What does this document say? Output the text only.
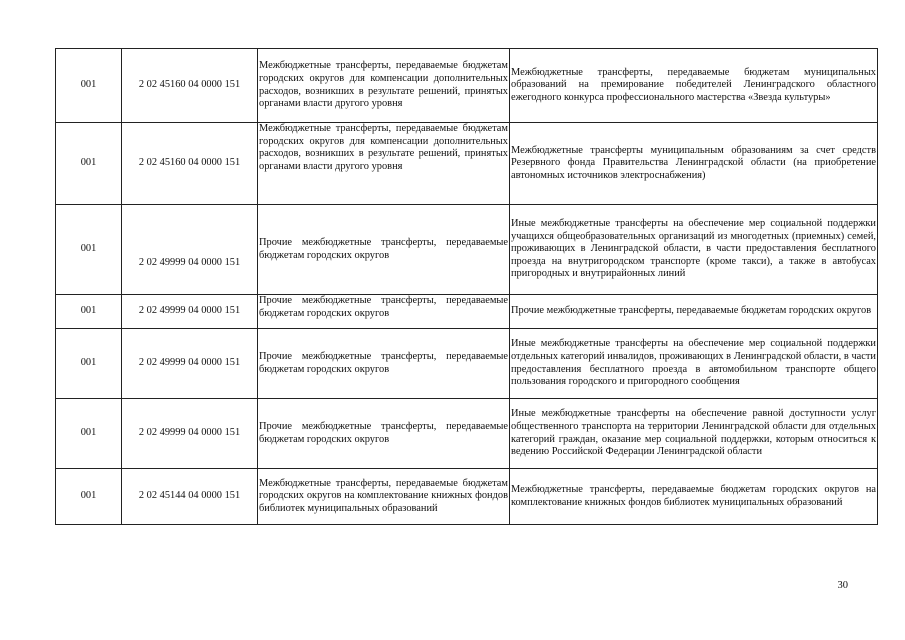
001	2 02 45160 04 0000 151	Межбюджетные трансферты, передаваемые бюджетам городских округов для компенсации дополнительных расходов, возникших в результате решений, принятых органами власти другого уровня	Межбюджетные трансферты, передаваемые бюджетам муниципальных образований на премирование победителей Ленинградского областного ежегодного конкурса профессионального мастерства «Звезда культуры»
001	2 02 45160 04 0000 151	Межбюджетные трансферты, передаваемые бюджетам городских округов для компенсации дополнительных расходов, возникших в результате решений, принятых органами власти другого уровня	Межбюджетные трансферты муниципальным образованиям за счет средств Резервного фонда Правительства Ленинградской области (на приобретение автономных источников электроснабжения)
001	2 02 49999 04 0000 151	Прочие межбюджетные трансферты, передаваемые бюджетам городских округов	Иные межбюджетные трансферты на обеспечение мер социальной поддержки учащихся общеобразовательных организаций из многодетных (приемных) семей, проживающих в Ленинградской области, в части предоставления бесплатного проезда на внутригородском транспорте (кроме такси), а также в автобусах пригородных и внутрирайонных линий
001	2 02 49999 04 0000 151	Прочие межбюджетные трансферты, передаваемые бюджетам городских округов	Прочие межбюджетные трансферты, передаваемые бюджетам городских округов
001	2 02 49999 04 0000 151	Прочие межбюджетные трансферты, передаваемые бюджетам городских округов	Иные межбюджетные трансферты на обеспечение мер социальной поддержки отдельных категорий инвалидов, проживающих в Ленинградской области, в части предоставления бесплатного проезда в автомобильном транспорте общего пользования городского и пригородного сообщения
001	2 02 49999 04 0000 151	Прочие межбюджетные трансферты, передаваемые бюджетам городских округов	Иные межбюджетные трансферты на обеспечение равной доступности услуг общественного транспорта на территории Ленинградской области для отдельных категорий граждан, оказание мер социальной поддержки, которым относиться к ведению Российской Федерации Ленинградской области
001	2 02 45144 04 0000 151	Межбюджетные трансферты, передаваемые бюджетам городских округов на комплектование книжных фондов библиотек муниципальных образований	Межбюджетные трансферты, передаваемые бюджетам городских округов на комплектование книжных фондов библиотек муниципальных образований
30
